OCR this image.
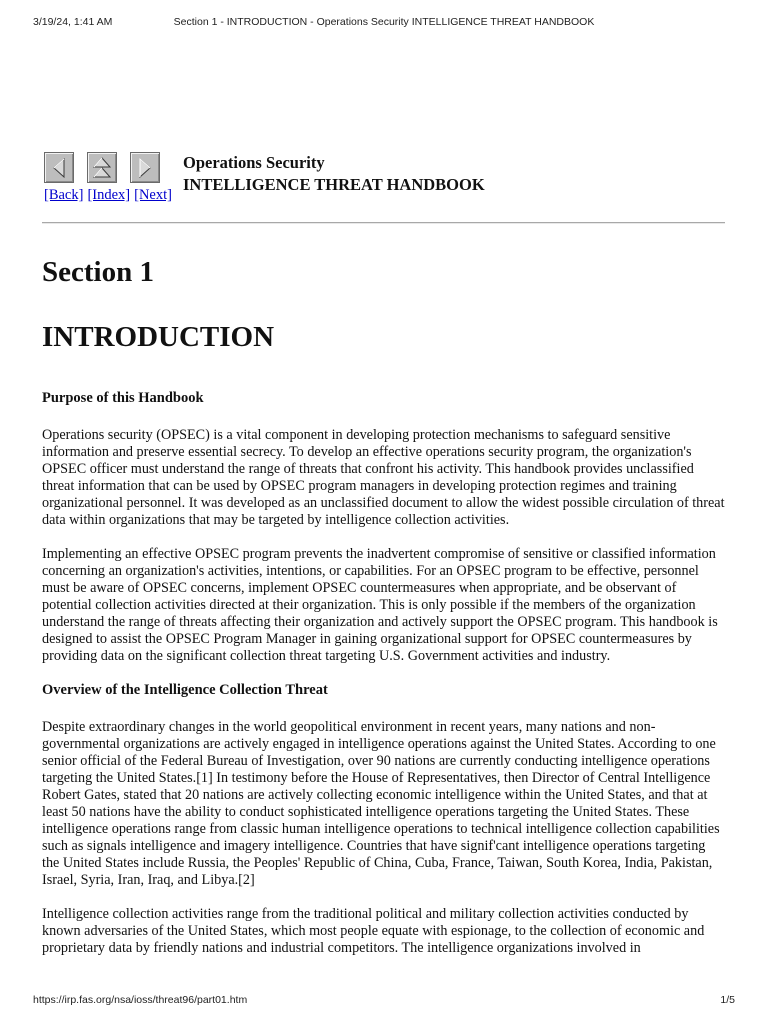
3/19/24, 1:41 AM	Section 1 - INTRODUCTION - Operations Security INTELLIGENCE THREAT HANDBOOK
[Back] [Index] [Next]
Operations Security
INTELLIGENCE THREAT HANDBOOK
Section 1
INTRODUCTION
Purpose of this Handbook

Operations security (OPSEC) is a vital component in developing protection mechanisms to safeguard sensitive information and preserve essential secrecy. To develop an effective operations security program, the organization's OPSEC officer must understand the range of threats that confront his activity. This handbook provides unclassified threat information that can be used by OPSEC program managers in developing protection regimes and training organizational personnel. It was developed as an unclassified document to allow the widest possible circulation of threat data within organizations that may be targeted by intelligence collection activities.

Implementing an effective OPSEC program prevents the inadvertent compromise of sensitive or classified information concerning an organization's activities, intentions, or capabilities. For an OPSEC program to be effective, personnel must be aware of OPSEC concerns, implement OPSEC countermeasures when appropriate, and be observant of potential collection activities directed at their organization. This is only possible if the members of the organization understand the range of threats affecting their organization and actively support the OPSEC program. This handbook is designed to assist the OPSEC Program Manager in gaining organizational support for OPSEC countermeasures by providing data on the significant collection threat targeting U.S. Government activities and industry.

Overview of the Intelligence Collection Threat

Despite extraordinary changes in the world geopolitical environment in recent years, many nations and non-governmental organizations are actively engaged in intelligence operations against the United States. According to one senior official of the Federal Bureau of Investigation, over 90 nations are currently conducting intelligence operations targeting the United States.[1] In testimony before the House of Representatives, then Director of Central Intelligence Robert Gates, stated that 20 nations are actively collecting economic intelligence within the United States, and that at least 50 nations have the ability to conduct sophisticated intelligence operations targeting the United States. These intelligence operations range from classic human intelligence operations to technical intelligence collection capabilities such as signals intelligence and imagery intelligence. Countries that have signif'cant intelligence operations targeting the United States include Russia, the Peoples' Republic of China, Cuba, France, Taiwan, South Korea, India, Pakistan, Israel, Syria, Iran, Iraq, and Libya.[2]

Intelligence collection activities range from the traditional political and military collection activities conducted by known adversaries of the United States, which most people equate with espionage, to the collection of economic and proprietary data by friendly nations and industrial competitors. The intelligence organizations involved in

https://irp.fas.org/nsa/ioss/threat96/part01.htm	1/5
